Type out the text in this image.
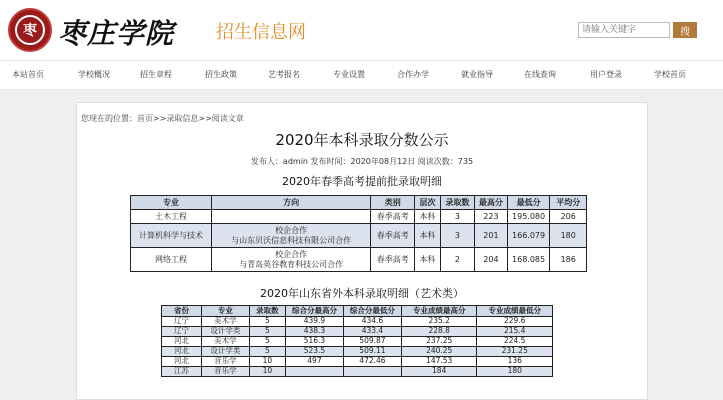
枣 枣庄学院 招生信息网
请输入关键字	搜
本站首页	学校概况	招生章程	招生政策	艺考报名	专业设置	合作办学	就业指导	在线查询	用户登录	学校首页
您现在的位置：首页>>录取信息>>阅读文章
2020年本科录取分数公示
发布人：admin 发布时间：2020年08月12日 阅读次数：735
2020年春季高考提前批录取明细
专业	方向	类别	层次	录取数	最高分	最低分	平均分
土木工程		春季高考	本科	3	223	195.080	206
计算机科学与技术	校企合作
与山东贝沃信息科技有限公司合作	春季高考	本科	3	201	166.079	180
网络工程	校企合作
与青岛英谷教育科技公司合作	春季高考	本科	2	204	168.085	186
2020年山东省外本科录取明细（艺术类）
省份	专业	录取数	综合分最高分	综合分最低分	专业成绩最高分	专业成绩最低分
辽宁	美术学	5	439.9	434.6	235.2	229.6
辽宁	设计学类	5	438.3	433.4	228.8	215.4
河北	美术学	5	516.3	509.87	237.25	224.5
河北	设计学类	5	523.5	509.11	240.25	231.25
河北	音乐学	10	497	472.46	147.53	136
江苏	音乐学	10			184	180
